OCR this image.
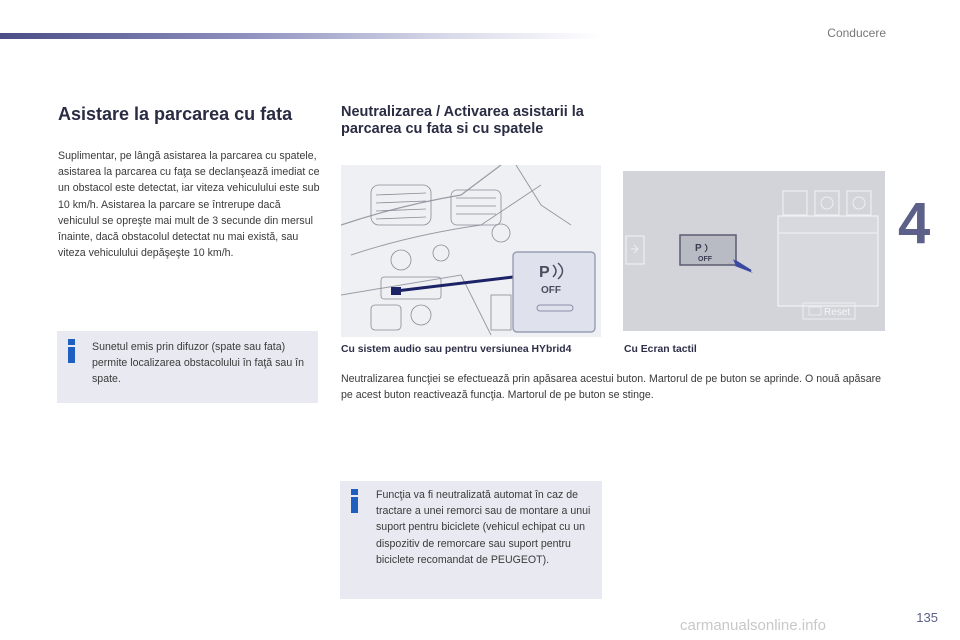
Conducere
4
Asistare la parcarea cu fata
Suplimentar, pe lângă asistarea la parcarea cu spatele, asistarea la parcarea cu faţa se declanşează imediat ce un obstacol este detectat, iar viteza vehiculului este sub 10 km/h. Asistarea la parcare se întrerupe dacă vehiculul se opreşte mai mult de 3 secunde din mersul înainte, dacă obstacolul detectat nu mai există, sau viteza vehiculului depăşeşte 10 km/h.
Sunetul emis prin difuzor (spate sau fata) permite localizarea obstacolului în faţă sau în spate.
Neutralizarea / Activarea asistarii la parcarea cu fata si cu spatele
P
OFF
P
OFF
Reset
Cu sistem audio sau pentru versiunea HYbrid4	Cu Ecran tactil
Neutralizarea funcţiei se efectuează prin apăsarea acestui buton. Martorul de pe buton se aprinde. O nouă apăsare pe acest buton reactivează funcţia. Martorul de pe buton se stinge.
Funcţia va fi neutralizată automat în caz de tractare a unei remorci sau de montare a unui suport pentru biciclete (vehicul echipat cu un dispozitiv de remorcare sau suport pentru biciclete recomandat de PEUGEOT).
carmanualsonline.info	135
